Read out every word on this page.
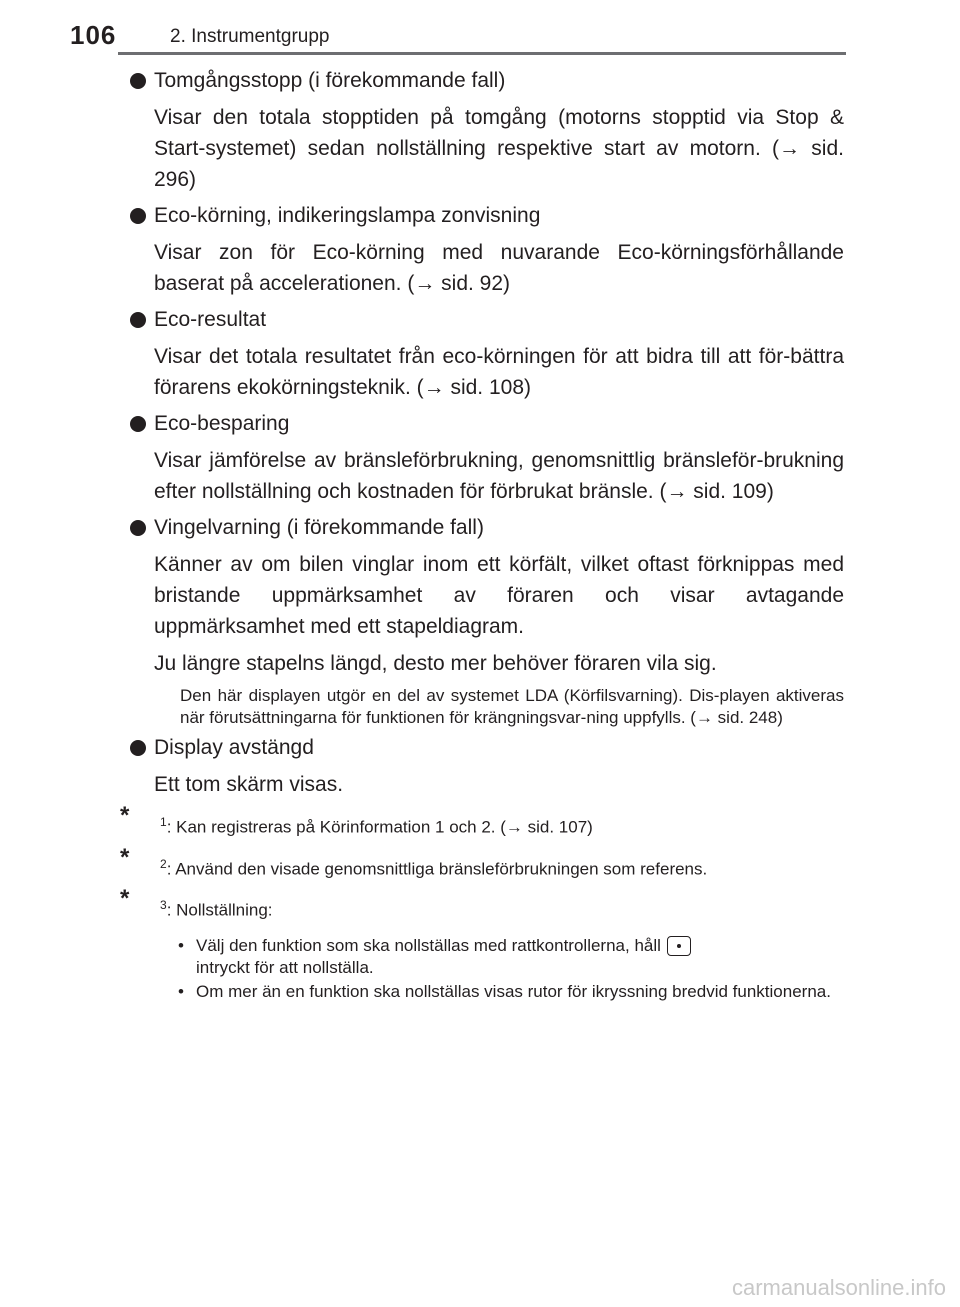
106	2. Instrumentgrupp
Tomgångsstopp (i förekommande fall)
Visar den totala stopptiden på tomgång (motorns stopptid via Stop & Start-systemet) sedan nollställning respektive start av motorn. (→ sid. 296)
Eco-körning, indikeringslampa zonvisning
Visar zon för Eco-körning med nuvarande Eco-körningsförhållande baserat på accelerationen. (→ sid. 92)
Eco-resultat
Visar det totala resultatet från eco-körningen för att bidra till att för-bättra förarens ekokörningsteknik. (→ sid. 108)
Eco-besparing
Visar jämförelse av bränsleförbrukning, genomsnittlig bränsleför-brukning efter nollställning och kostnaden för förbrukat bränsle. (→ sid. 109)
Vingelvarning (i förekommande fall)
Känner av om bilen vinglar inom ett körfält, vilket oftast förknippas med bristande uppmärksamhet av föraren och visar avtagande uppmärksamhet med ett stapeldiagram.
Ju längre stapelns längd, desto mer behöver föraren vila sig.
Den här displayen utgör en del av systemet LDA (Körfilsvarning). Dis-playen aktiveras när förutsättningarna för funktionen för krängningsvar-ning uppfylls. (→ sid. 248)
Display avstängd
Ett tom skärm visas.
*	$^1$: Kan registreras på Körinformation 1 och 2. (→ sid. 107)
*	$^2$: Använd den visade genomsnittliga bränsleförbrukningen som referens.
*	$^3$: Nollställning:
• Välj den funktion som ska nollställas med rattkontrollerna, håll
intryckt för att nollställa.
• Om mer än en funktion ska nollställas visas rutor för ikryssning bredvid funktionerna.
carmanualsonline.info
